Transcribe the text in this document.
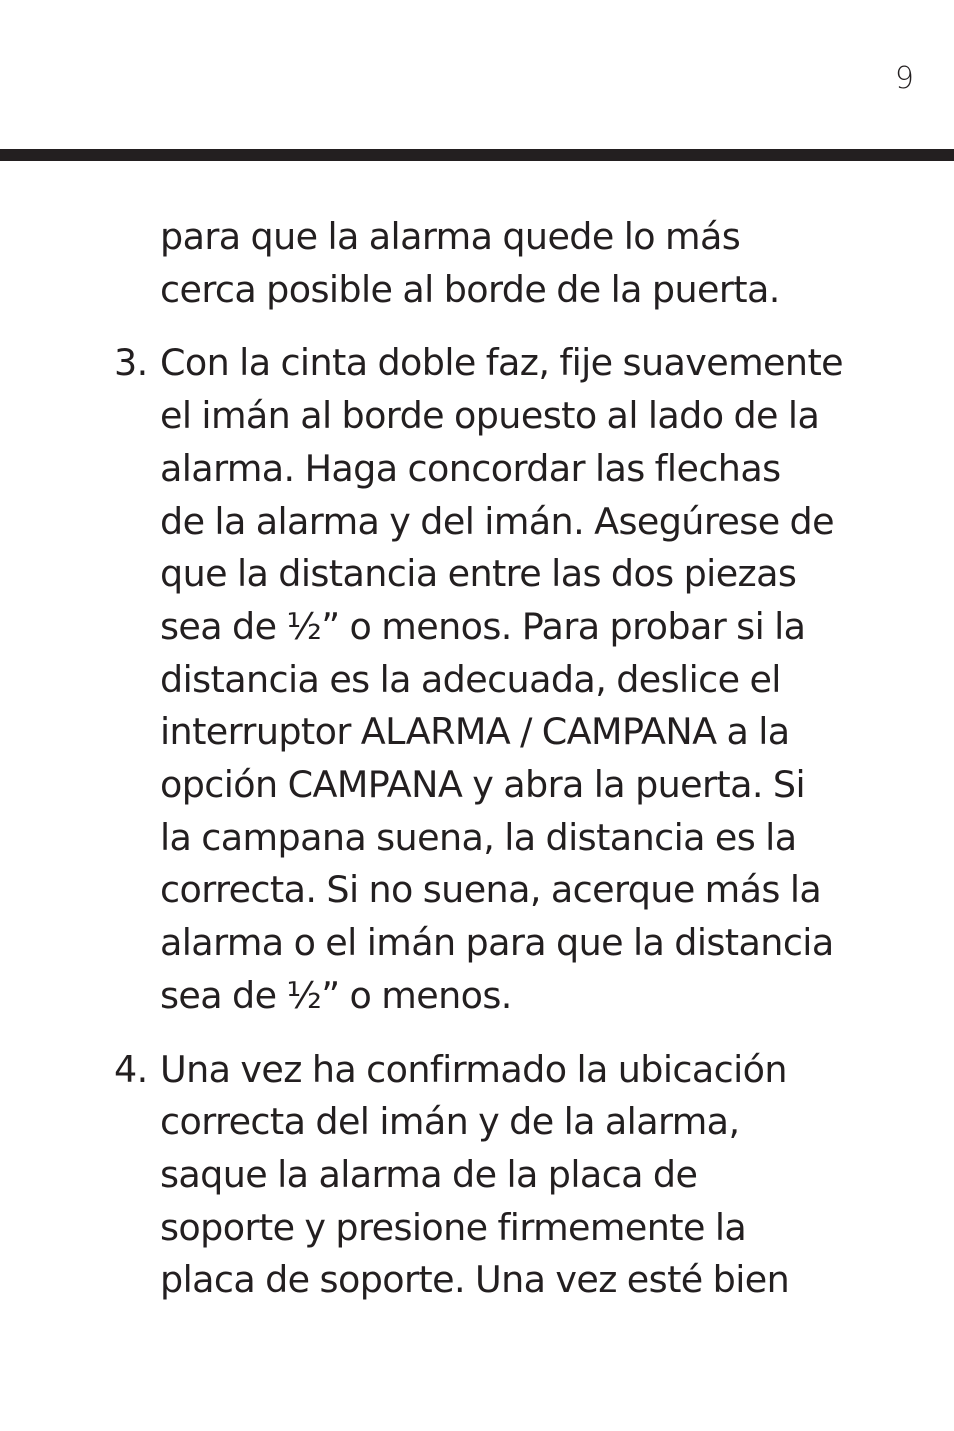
9
para que la alarma quede lo más
cerca posible al borde de la puerta.
3. Con la cinta doble faz, fije suavemente
el imán al borde opuesto al lado de la
alarma. Haga concordar las flechas
de la alarma y del imán. Asegúrese de
que la distancia entre las dos piezas
sea de ½” o menos. Para probar si la
distancia es la adecuada, deslice el
interruptor ALARMA / CAMPANA a la
opción CAMPANA y abra la puerta. Si
la campana suena, la distancia es la
correcta. Si no suena, acerque más la
alarma o el imán para que la distancia
sea de ½” o menos.
4. Una vez ha confirmado la ubicación
correcta del imán y de la alarma,
saque la alarma de la placa de
soporte y presione firmemente la
placa de soporte. Una vez esté bien
